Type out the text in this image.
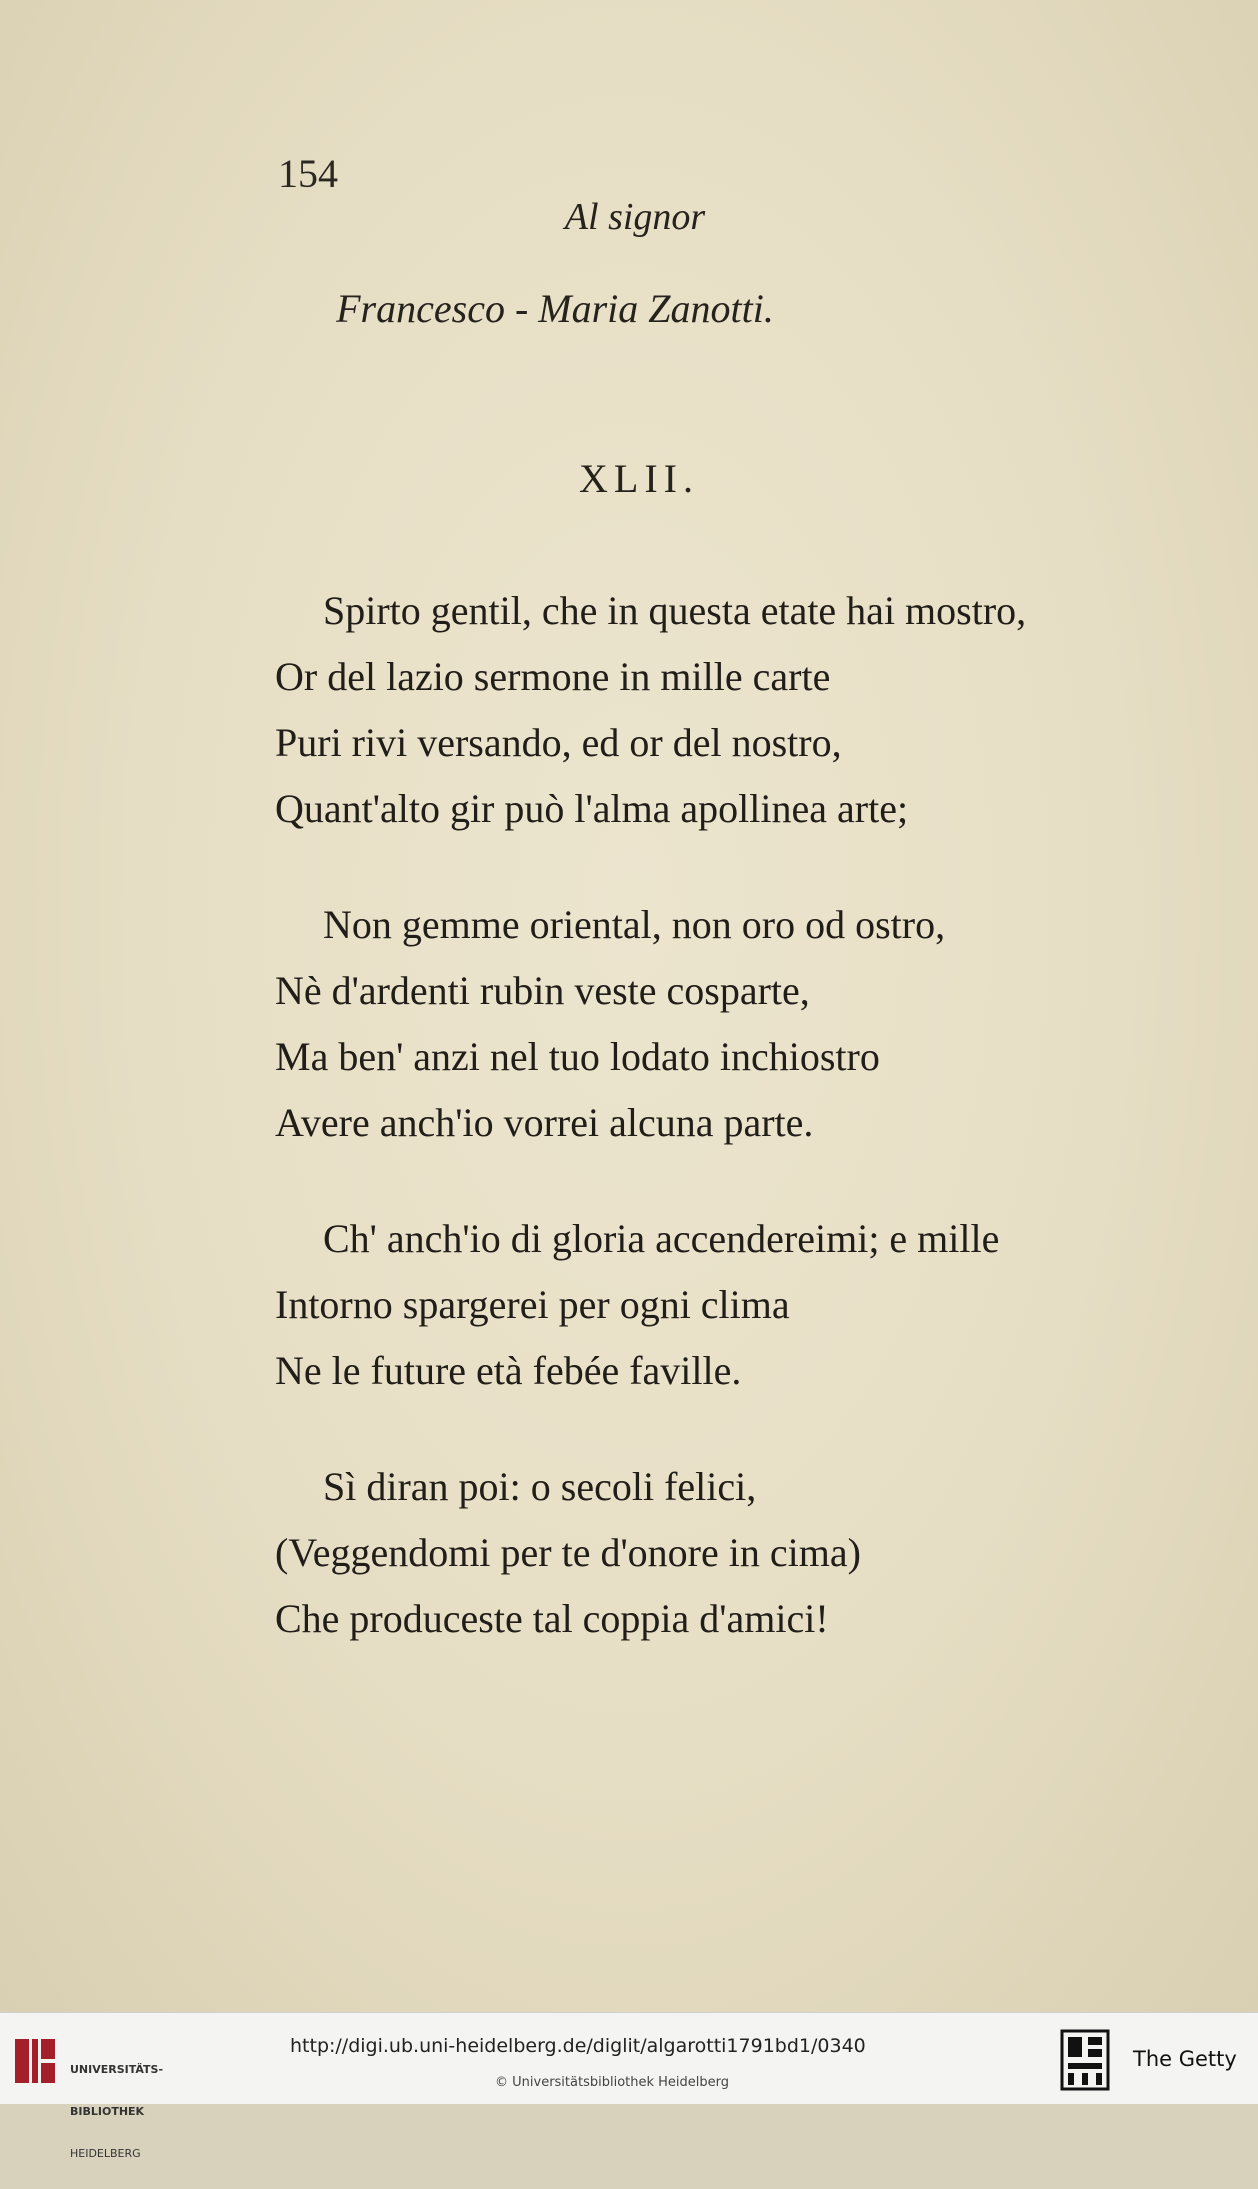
154
Al signor
Francesco - Maria Zanotti.
XLII.
Spirto gentil, che in questa etate hai mostro,
Or del lazio sermone in mille carte
Puri rivi versando, ed or del nostro,
Quant'alto gir può l'alma apollinea arte;
Non gemme oriental, non oro od ostro,
Nè d'ardenti rubin veste cosparte,
Ma ben' anzi nel tuo lodato inchiostro
Avere anch'io vorrei alcuna parte.
Ch' anch'io di gloria accendereimi; e mille
Intorno spargerei per ogni clima
Ne le future età febée faville.
Sì diran poi: o secoli felici,
(Veggendomi per te d'onore in cima)
Che produceste tal coppia d'amici!

UNIVERSITÄTS-

BIBLIOTHEK

HEIDELBERG

http://digi.ub.uni-heidelberg.de/diglit/algarotti1791bd1/0340
© Universitätsbibliothek Heidelberg
The Getty
